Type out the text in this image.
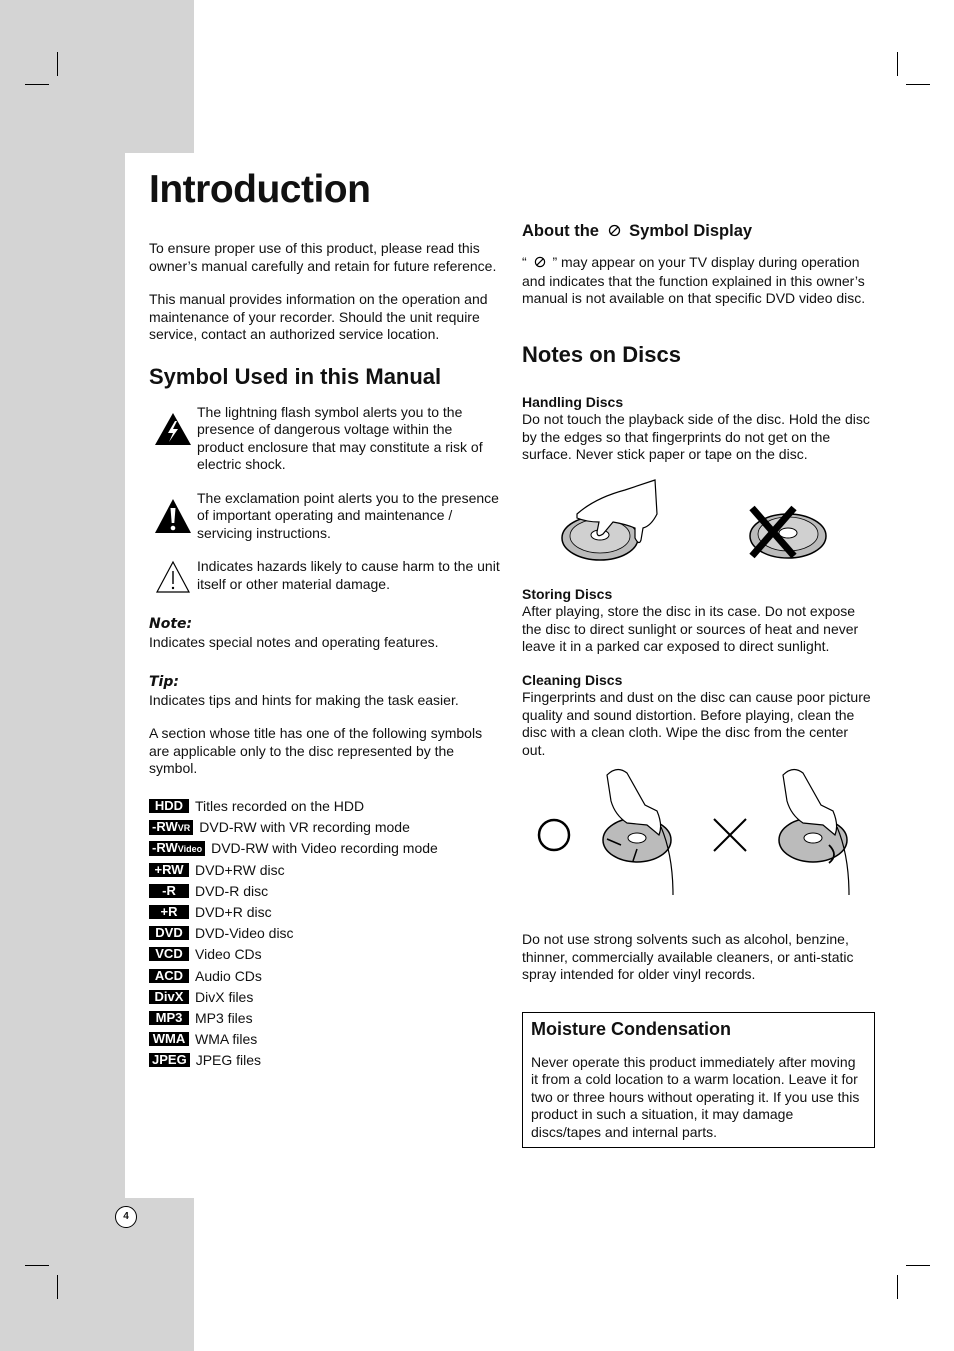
Introduction

To ensure proper use of this product, please read this owner’s manual carefully and retain for future reference.

This manual provides information on the operation and maintenance of your recorder. Should the unit require service, contact an authorized service location.

Symbol Used in this Manual
The lightning flash symbol alerts you to the presence of dangerous voltage within the product enclosure that may constitute a risk of electric shock.
The exclamation point alerts you to the presence of important operating and maintenance / servicing instructions.
Indicates hazards likely to cause harm to the unit itself or other material damage.
Note:

Indicates special notes and operating features.

Tip:

Indicates tips and hints for making the task easier.

A section whose title has one of the following symbols are applicable only to the disc represented by the symbol.

HDD Titles recorded on the HDD
-RWVR DVD-RW with VR recording mode
-RWVideo DVD-RW with Video recording mode
+RW DVD+RW disc
-R	DVD-R disc
+R	DVD+R disc
DVD DVD-Video disc
VCD Video CDs
ACD Audio CDs
DivX DivX files
MP3 MP3 files
WMA WMA files
JPEG JPEG files
About the Symbol Display

“ ” may appear on your TV display during operation and indicates that the function explained in this owner’s manual is not available on that specific DVD video disc.

Notes on Discs
Handling Discs

Do not touch the playback side of the disc. Hold the disc by the edges so that fingerprints do not get on the surface. Never stick paper or tape on the disc.

Storing Discs

After playing, store the disc in its case. Do not expose the disc to direct sunlight or sources of heat and never leave it in a parked car exposed to direct sunlight.

Cleaning Discs

Fingerprints and dust on the disc can cause poor picture quality and sound distortion. Before playing, clean the disc with a clean cloth. Wipe the disc from the center out.

Do not use strong solvents such as alcohol, benzine, thinner, commercially available cleaners, or anti-static spray intended for older vinyl records.

Moisture Condensation

Never operate this product immediately after moving it from a cold location to a warm location. Leave it for two or three hours without operating it. If you use this product in such a situation, it may damage discs/tapes and internal parts.

4
